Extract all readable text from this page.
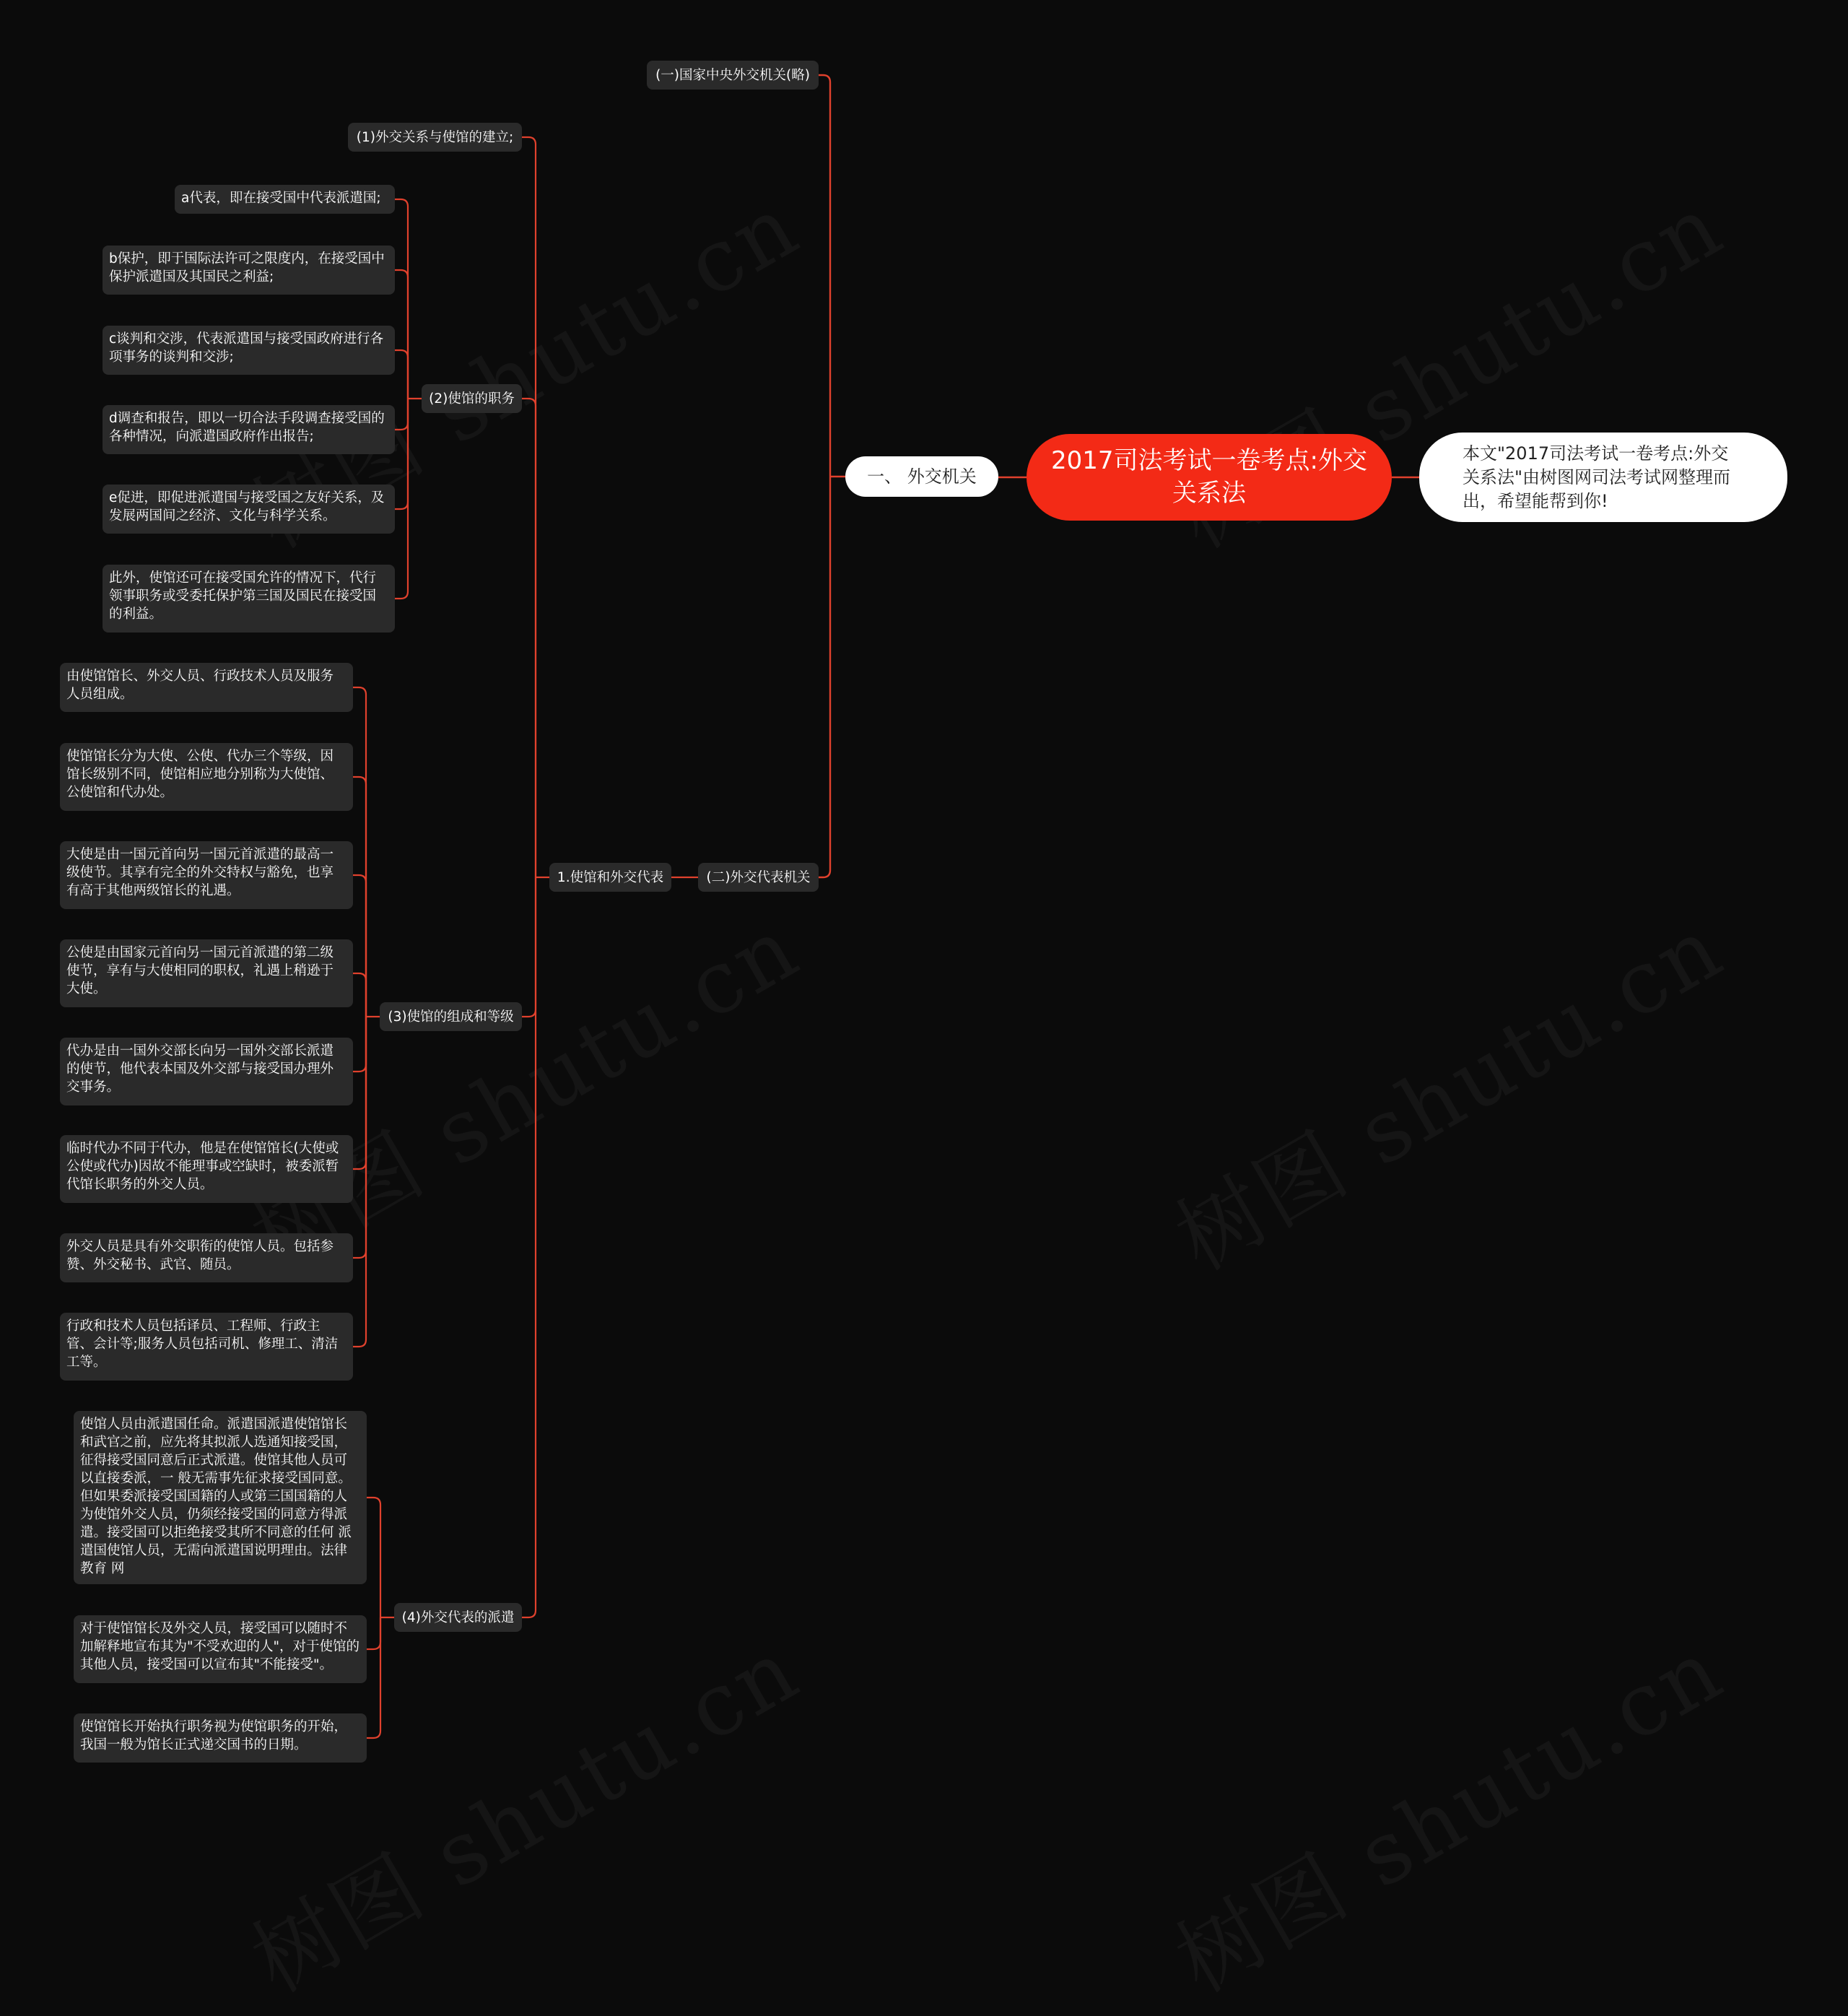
2017司法考试一卷考点:外交关系法
本文"2017司法考试一卷考点:外交关系法"由树图网司法考试网整理而出，希望能帮到你!
一、 外交机关
(一)国家中央外交机关(略)
(二)外交代表机关
1.使馆和外交代表
(1)外交关系与使馆的建立;
(2)使馆的职务
(3)使馆的组成和等级
(4)外交代表的派遣
a代表，即在接受国中代表派遣国;
b保护，即于国际法许可之限度内，在接受国中保护派遣国及其国民之利益;
c谈判和交涉，代表派遣国与接受国政府进行各项事务的谈判和交涉;
d调查和报告，即以一切合法手段调查接受国的各种情况，向派遣国政府作出报告;
e促进，即促进派遣国与接受国之友好关系，及发展两国间之经济、文化与科学关系。
此外，使馆还可在接受国允许的情况下，代行领事职务或受委托保护第三国及国民在接受国的利益。
由使馆馆长、外交人员、行政技术人员及服务人员组成。
使馆馆长分为大使、公使、代办三个等级，因馆长级别不同，使馆相应地分别称为大使馆、公使馆和代办处。
大使是由一国元首向另一国元首派遣的最高一级使节。其享有完全的外交特权与豁免，也享有高于其他两级馆长的礼遇。
公使是由国家元首向另一国元首派遣的第二级使节，享有与大使相同的职权，礼遇上稍逊于大使。
代办是由一国外交部长向另一国外交部长派遣的使节，他代表本国及外交部与接受国办理外交事务。
临时代办不同于代办，他是在使馆馆长(大使或公使或代办)因故不能理事或空缺时，被委派暂代馆长职务的外交人员。
外交人员是具有外交职衔的使馆人员。包括参赞、外交秘书、武官、随员。
行政和技术人员包括译员、工程师、行政主管、会计等;服务人员包括司机、修理工、清洁工等。
使馆人员由派遣国任命。派遣国派遣使馆馆长和武官之前，应先将其拟派人选通知接受国，征得接受国同意后正式派遣。使馆其他人员可以直接委派，一 般无需事先征求接受国同意。但如果委派接受国国籍的人或第三国国籍的人为使馆外交人员，仍须经接受国的同意方得派遣。接受国可以拒绝接受其所不同意的任何 派遣国使馆人员，无需向派遣国说明理由。法律 教育 网
对于使馆馆长及外交人员，接受国可以随时不加解释地宣布其为"不受欢迎的人"，对于使馆的其他人员，接受国可以宣布其"不能接受"。
使馆馆长开始执行职务视为使馆职务的开始，我国一般为馆长正式递交国书的日期。
